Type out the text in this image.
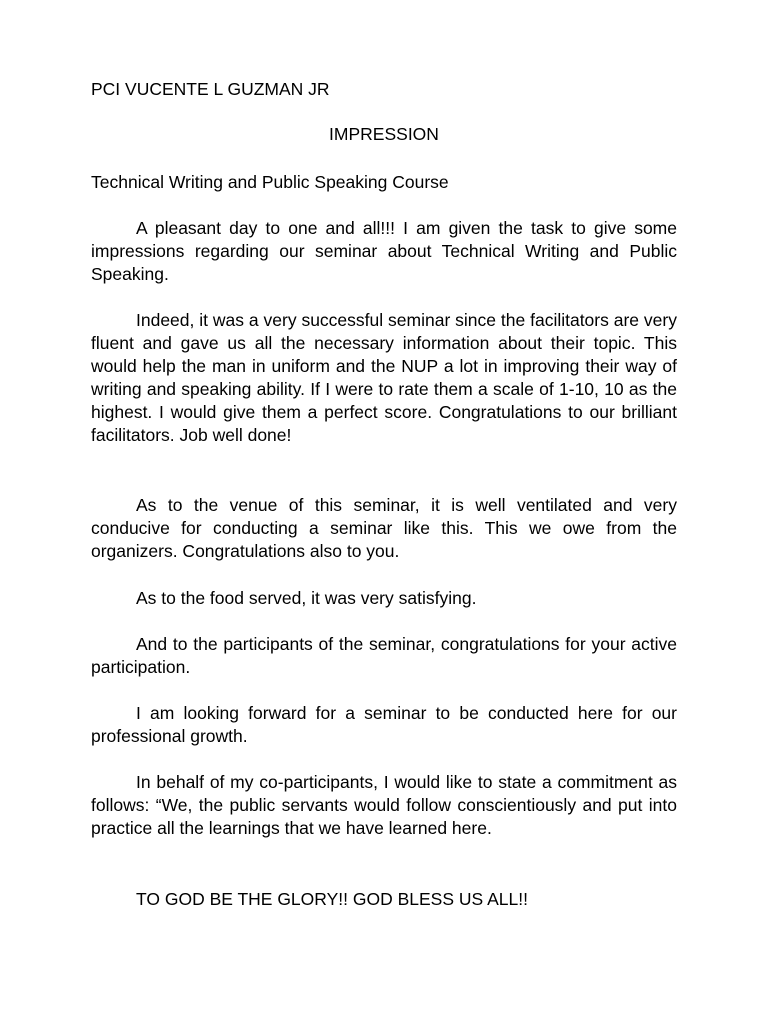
PCI VUCENTE L GUZMAN JR
IMPRESSION
Technical Writing and Public Speaking Course

A pleasant day to one and all!!! I am given the task to give some impressions regarding our seminar about Technical Writing and Public Speaking.

Indeed, it was a very successful seminar since the facilitators are very fluent and gave us all the necessary information about their topic. This would help the man in uniform and the NUP a lot in improving their way of writing and speaking ability. If I were to rate them a scale of 1-10, 10 as the highest. I would give them a perfect score. Congratulations to our brilliant facilitators. Job well done!

As to the venue of this seminar, it is well ventilated and very conducive for conducting a seminar like this. This we owe from the organizers. Congratulations also to you.

As to the food served, it was very satisfying.

And to the participants of the seminar, congratulations for your active participation.

I am looking forward for a seminar to be conducted here for our professional growth.

In behalf of my co-participants, I would like to state a commitment as follows: “We, the public servants would follow conscientiously and put into practice all the learnings that we have learned here.

TO GOD BE THE GLORY!! GOD BLESS US ALL!!
